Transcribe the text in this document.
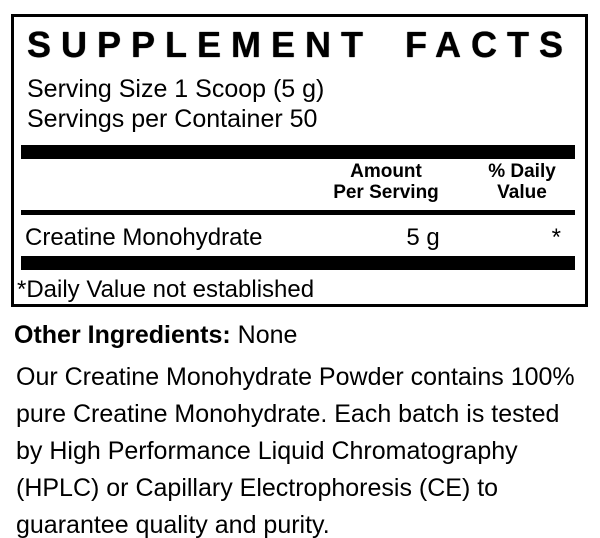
SUPPLEMENT FACTS
Serving Size 1 Scoop (5 g)
Servings per Container 50
Amount
Per Serving
% Daily
Value
Creatine Monohydrate	5 g	*
*Daily Value not established

Other Ingredients: None

Our Creatine Monohydrate Powder contains 100%
pure Creatine Monohydrate. Each batch is tested
by High Performance Liquid Chromatography
(HPLC) or Capillary Electrophoresis (CE) to
guarantee quality and purity.
